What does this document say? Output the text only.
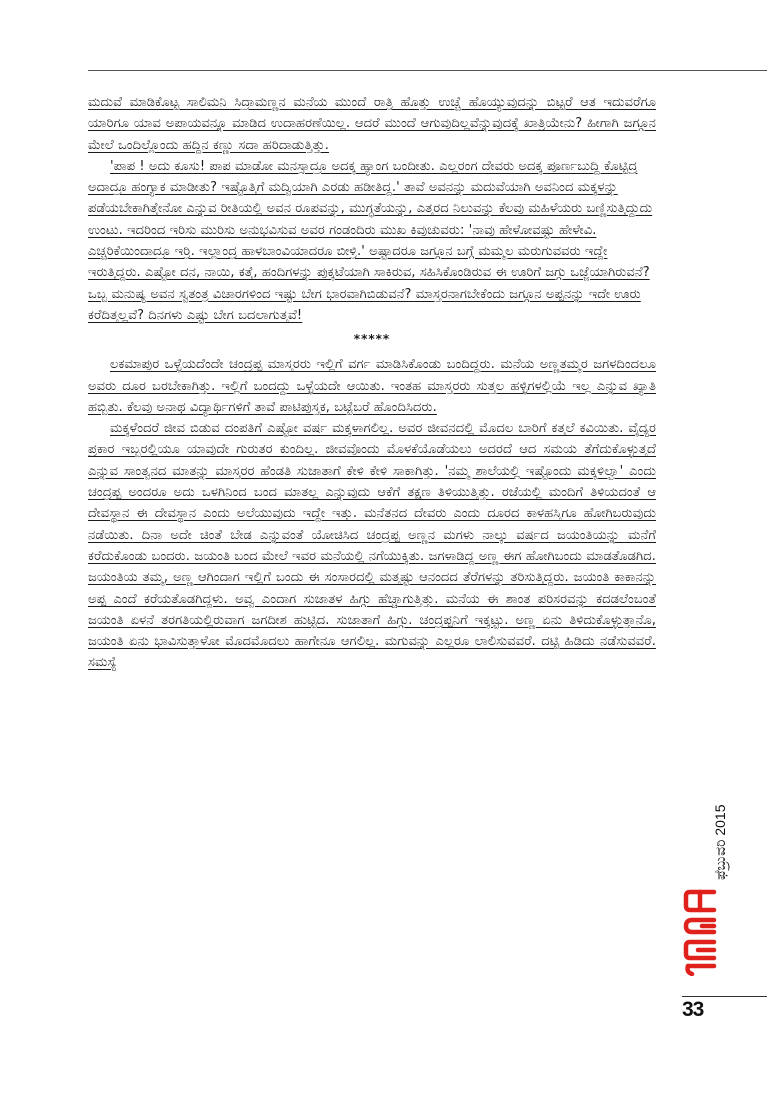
ಮದುವೆ ಮಾಡಿಕೊಟ್ಟ ಸಾಲಿಮನಿ ಸಿದ್ರಾಮಣ್ಣನ ಮನೆಯ ಮುಂದೆ ರಾತ್ರಿ ಹೊತ್ತು ಉಚ್ಚೆ ಹೊಯ್ಯುವುದನ್ನು ಬಿಟ್ಟರೆ ಆತ ಇದುವರೆಗೂ ಯಾರಿಗೂ ಯಾವ ಅಪಾಯವನ್ನೂ ಮಾಡಿದ ಉದಾಹರಣೆಯಿಲ್ಲ. ಆದರೆ ಮುಂದೆ ಆಗುವುದಿಲ್ಲವೆನ್ನುವುದಕ್ಕೆ ಖಾತ್ರಿಯೇನು? ಹೀಗಾಗಿ ಜಗ್ಗೂನ ಮೇಲೆ ಒಂದಿಲ್ಲೊಂದು ಹದ್ದಿನ ಕಣ್ಣು ಸದಾ ಹರಿದಾಡುತ್ತಿತ್ತು.

'ಪಾಪ ! ಅದು ಕೂಸು! ಪಾಪ ಮಾಡೋ ಮನಸ್ಸಾದ್ರೂ ಅದಕ್ಕ ಹ್ಯಾಂಗ ಬಂದೀತು. ಎಲ್ಲರಂಗ ದೇವರು ಅದಕ್ಕ ಪೂರ್ಣಬುದ್ದಿ ಕೊಟ್ಟಿದ್ರ ಅದಾದ್ರೂ ಹಂಗ್ಯಾಕ ಮಾಡೀತು? ಇಷ್ಟೊತ್ತಿಗೆ ಮದ್ವಿಯಾಗಿ ಎರಡು ಹಡೀತಿದ್ದ.' ತಾವೆ ಅವನನ್ನು ಮದುವೆಯಾಗಿ ಅವನಿಂದ ಮಕ್ಕಳನ್ನು ಪಡೆಯಬೇಕಾಗಿತ್ತೇನೋ ಎನ್ನುವ ರೀತಿಯಲ್ಲಿ ಅವನ ರೂಪವನ್ನು, ಮುಗ್ಧತೆಯನ್ನು, ಎತ್ತರದ ನಿಲುವನ್ನು ಕೆಲವು ಮಹಿಳೆಯರು ಬಣ್ಣಿಸುತ್ತಿದ್ದುದು ಉಂಟು. ಇದರಿಂದ ಇರಿಸು ಮುರಿಸು ಅನುಭವಿಸುವ ಅವರ ಗಂಡಂದಿರು ಮುಖ ಕಿವುಚುವರು: 'ನಾವು ಹೇಳೋವಷ್ಟು ಹೇಳೇವಿ. ಎಚ್ಚರಿಕೆಯಿಂದಾದ್ರೂ ಇರ್ರಿ. ಇಲ್ಲಾಂದ್ರ ಹಾಳಬಾಂವಿಯಾದರೂ ಬೀಳ್ರಿ.' ಅಷ್ಟಾದರೂ ಜಗ್ಗೂನ ಬಗ್ಗೆ ಮಮ್ಮಲ ಮರುಗುವವರು ಇದ್ದೇ ಇರುತ್ತಿದ್ದರು. ಎಷ್ಟೋ ದನ, ನಾಯಿ, ಕತ್ತೆ, ಹಂದಿಗಳನ್ನು ಪುಕ್ಕಟೆಯಾಗಿ ಸಾಕಿರುವ, ಸಹಿಸಿಕೊಂಡಿರುವ ಈ ಊರಿಗೆ ಜಗ್ಗು ಒಜ್ಜೆಯಾಗಿರುವನೆ? ಒಬ್ಬ ಮನುಷ್ಯ ಅವನ ಸ್ವತಂತ್ರ ವಿಚಾರಗಳಿಂದ ಇಷ್ಟು ಬೇಗ ಭಾರವಾಗಿಬಿಡುವನೆ? ಮಾಸ್ತರನಾಗಬೇಕೆಂದು ಜಗ್ಗೂನ ಅಪ್ಪನನ್ನು ಇದೇ ಊರು ಕರೆದಿತ್ತಲ್ಲವೆ? ದಿನಗಳು ಎಷ್ಟು ಬೇಗ ಬದಲಾಗುತ್ತವೆ!

*****

ಲಕಮಾಪುರ ಒಳ್ಳೆಯದೆಂದೇ ಚಂದ್ರಪ್ಪ ಮಾಸ್ತರರು ಇಲ್ಲಿಗೆ ವರ್ಗ ಮಾಡಿಸಿಕೊಂಡು ಬಂದಿದ್ದರು. ಮನೆಯ ಅಣ್ಣತಮ್ಮರ ಜಗಳದಿಂದಲೂ ಅವರು ದೂರ ಬರಬೇಕಾಗಿತ್ತು. ಇಲ್ಲಿಗೆ ಬಂದದ್ದು ಒಳ್ಳೆಯದೇ ಆಯಿತು. ಇಂತಹ ಮಾಸ್ತರರು ಸುತ್ತಲ ಹಳ್ಳಿಗಳಲ್ಲಿಯೆ ಇಲ್ಲ ಎನ್ನುವ ಖ್ಯಾತಿ ಹಬ್ಬಿತು. ಕೆಲವು ಅನಾಥ ವಿದ್ಯಾರ್ಥಿಗಳಿಗೆ ತಾವೆ ಪಾಟಿಪುಸ್ತಕ, ಬಟ್ಟೆಬರೆ ಹೊಂದಿಸಿದರು.

ಮಕ್ಕಳೆಂದರೆ ಜೀವ ಬಿಡುವ ದಂಪತಿಗೆ ಎಷ್ಟೋ ವರ್ಷ ಮಕ್ಕಳಾಗಲಿಲ್ಲ. ಅವರ ಜೀವನದಲ್ಲಿ ಮೊದಲ ಬಾರಿಗೆ ಕತ್ತಲೆ ಕವಿಯಿತು. ವೈದ್ಯರ ಪ್ರಕಾರ ಇಬ್ಬರಲ್ಲಿಯೂ ಯಾವುದೇ ಗುರುತರ ಕುಂದಿಲ್ಲ. ಜೀವವೊಂದು ಮೊಳಕೆಯೊಡೆಯಲು ಅದರದೆ ಆದ ಸಮಯ ತೆಗೆದುಕೊಳ್ಳುತ್ತದೆ ಎನ್ನುವ ಸಾಂತ್ವನದ ಮಾತನ್ನು ಮಾಸ್ತರರ ಹೆಂಡತಿ ಸುಜಾತಾಗೆ ಕೇಳಿ ಕೇಳಿ ಸಾಕಾಗಿತ್ತು. 'ನಮ್ಮ ಶಾಲೆಯಲ್ಲಿ ಇಷ್ಟೊಂದು ಮಕ್ಕಳಿಲ್ವಾ' ಎಂದು ಚಂದ್ರಪ್ಪ ಅಂದರೂ ಅದು ಒಳಗಿನಿಂದ ಬಂದ ಮಾತಲ್ಲ ಎನ್ನುವುದು ಆಕೆಗೆ ತಕ್ಷಣ ತಿಳಿಯುತ್ತಿತ್ತು. ರಜೆಯಲ್ಲಿ ಮಂದಿಗೆ ತಿಳಿಯದಂತೆ ಆ ದೇವಸ್ಥಾನ ಈ ದೇವಸ್ಥಾನ ಎಂದು ಅಲೆಯುವುದು ಇದ್ದೇ ಇತ್ತು. ಮನೆತನದ ದೇವರು ಎಂದು ದೂರದ ಕಾಳಹಸ್ತಿಗೂ ಹೋಗಿಬರುವುದು ನಡೆಯಿತು. ದಿನಾ ಅದೇ ಚಿಂತೆ ಬೇಡ ಎನ್ನುವಂತೆ ಯೋಚಿಸಿದ ಚಂದ್ರಪ್ಪ ಅಣ್ಣನ ಮಗಳು ನಾಲ್ಕು ವರ್ಷದ ಜಯಂತಿಯನ್ನು ಮನೆಗೆ ಕರೆದುಕೊಂಡು ಬಂದರು. ಜಯಂತಿ ಬಂದ ಮೇಲೆ ಇವರ ಮನೆಯಲ್ಲಿ ನಗೆಯುಕ್ಕಿತು. ಜಗಳಾಡಿದ್ದ ಅಣ್ಣ ಈಗ ಹೋಗಿಬಂದು ಮಾಡತೊಡಗಿದ. ಜಯಂತಿಯ ತಮ್ಮ, ಅಣ್ಣ ಆಗಿಂದಾಗ ಇಲ್ಲಿಗೆ ಬಂದು ಈ ಸಂಸಾರದಲ್ಲಿ ಮತ್ತಷ್ಟು ಆನಂದದ ತೆರೆಗಳನ್ನು ತರಿಸುತ್ತಿದ್ದರು. ಜಯಂತಿ ಕಾಕಾನನ್ನು ಅಪ್ಪ ಎಂದೆ ಕರೆಯತೊಡಗಿದ್ದಳು. ಅವ್ವ ಎಂದಾಗ ಸುಜಾತಳ ಹಿಗ್ಗು ಹೆಚ್ಚಾಗುತ್ತಿತ್ತು. ಮನೆಯ ಈ ಶಾಂತ ಪರಿಸರವನ್ನು ಕದಡಲೆಂಬಂತೆ ಜಯಂತಿ ಏಳನೆ ತರಗತಿಯಲ್ಲಿರುವಾಗ ಜಗದೀಶ ಹುಟ್ಟಿದ. ಸುಜಾತಾಗೆ ಹಿಗ್ಗು. ಚಂದ್ರಪ್ಪನಿಗೆ ಇಕ್ಕಟ್ಟು. ಅಣ್ಣ ಏನು ತಿಳಿದುಕೊಳ್ಳುತ್ತಾನೊ, ಜಯಂತಿ ಏನು ಭಾವಿಸುತ್ತಾಳೋ ಮೊದಮೊದಲು ಹಾಗೇನೂ ಆಗಲಿಲ್ಲ. ಮಗುವನ್ನು ಎಲ್ಲರೂ ಲಾಲಿಸುವವರೆ. ದಟ್ಟಿ ಹಿಡಿದು ನಡೆಸುವವರೆ. ಸಮಸ್ಯೆ

ಫೆಬ್ರುವರಿ 2015
33
